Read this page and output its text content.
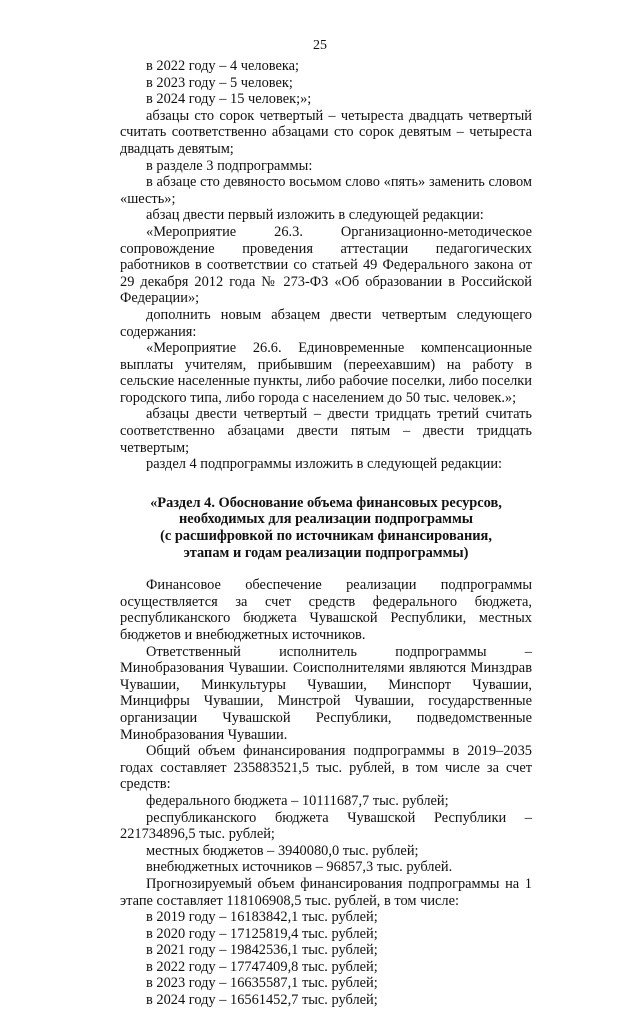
25

в 2022 году – 4 человека;

в 2023 году – 5 человек;

в 2024 году – 15 человек;»;

абзацы сто сорок четвертый – четыреста двадцать четвертый считать соответственно абзацами сто сорок девятым – четыреста двадцать девятым;

в разделе 3 подпрограммы:

в абзаце сто девяносто восьмом слово «пять» заменить словом «шесть»;

абзац двести первый изложить в следующей редакции:

«Мероприятие 26.3. Организационно-методическое сопровождение проведения аттестации педагогических работников в соответствии со статьей 49 Федерального закона от 29 декабря 2012 года № 273-ФЗ «Об образовании в Российской Федерации»;

дополнить новым абзацем двести четвертым следующего содержания:

«Мероприятие 26.6. Единовременные компенсационные выплаты учителям, прибывшим (переехавшим) на работу в сельские населенные пункты, либо рабочие поселки, либо поселки городского типа, либо города с населением до 50 тыс. человек.»;

абзацы двести четвертый – двести тридцать третий считать соответственно абзацами двести пятым – двести тридцать четвертым;

раздел 4 подпрограммы изложить в следующей редакции:

«Раздел 4. Обоснование объема финансовых ресурсов,
необходимых для реализации подпрограммы
(с расшифровкой по источникам финансирования,
этапам и годам реализации подпрограммы)

Финансовое обеспечение реализации подпрограммы осуществляется за счет средств федерального бюджета, республиканского бюджета Чувашской Республики, местных бюджетов и внебюджетных источников.

Ответственный исполнитель подпрограммы – Минобразования Чувашии. Соисполнителями являются Минздрав Чувашии, Минкультуры Чувашии, Минспорт Чувашии, Минцифры Чувашии, Минстрой Чувашии, государственные организации Чувашской Республики, подведомственные Минобразования Чувашии.

Общий объем финансирования подпрограммы в 2019–2035 годах составляет 235883521,5 тыс. рублей, в том числе за счет средств:

федерального бюджета – 10111687,7 тыс. рублей;

республиканского бюджета Чувашской Республики – 221734896,5 тыс. рублей;

местных бюджетов – 3940080,0 тыс. рублей;

внебюджетных источников – 96857,3 тыс. рублей.

Прогнозируемый объем финансирования подпрограммы на 1 этапе составляет 118106908,5 тыс. рублей, в том числе:

в 2019 году – 16183842,1 тыс. рублей;

в 2020 году – 17125819,4 тыс. рублей;

в 2021 году – 19842536,1 тыс. рублей;

в 2022 году – 17747409,8 тыс. рублей;

в 2023 году – 16635587,1 тыс. рублей;

в 2024 году – 16561452,7 тыс. рублей;
